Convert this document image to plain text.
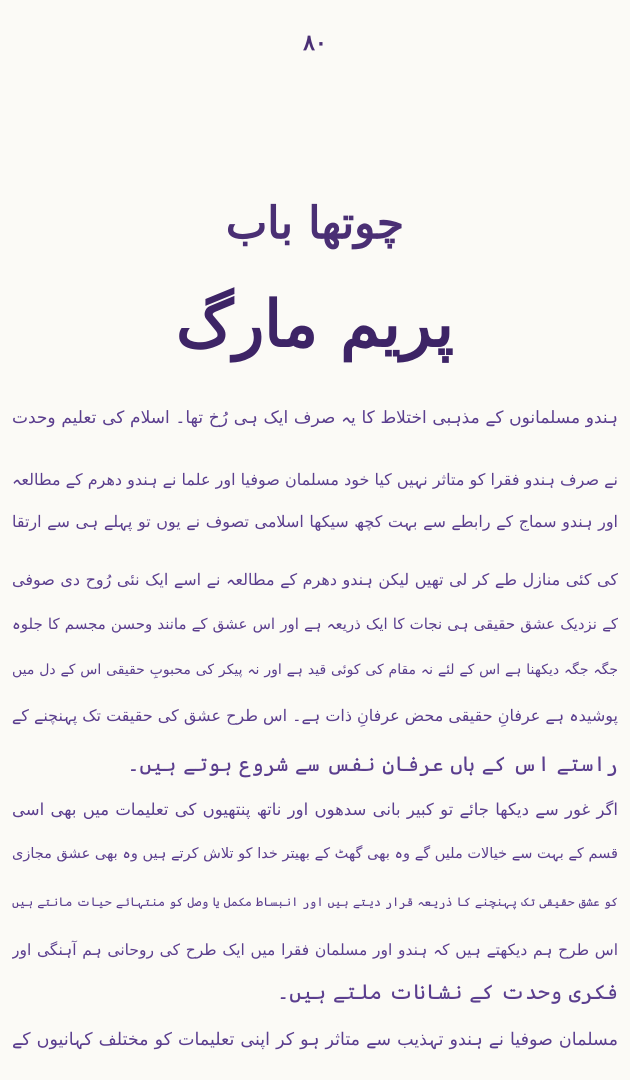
۸۰
چوتھا باب
پریم مارگ
ہندو مسلمانوں کے مذہبی اختلاط کا یہ صرف ایک ہی رُخ تھا۔ اسلام کی تعلیم وحدت
نے صرف ہندو فقرا کو متاثر نہیں کیا خود مسلمان صوفیا اور علما نے ہندو دھرم کے مطالعہ
اور ہندو سماج کے رابطے سے بہت کچھ سیکھا اسلامی تصوف نے یوں تو پہلے ہی سے ارتقا
کی کئی منازل طے کر لی تھیں لیکن ہندو دھرم کے مطالعہ نے اسے ایک نئی رُوح دی صوفی
کے نزدیک عشق حقیقی ہی نجات کا ایک ذریعہ ہے اور اس عشق کے مانند وحسن مجسم کا جلوہ
جگہ جگہ دیکھنا ہے اس کے لئے نہ مقام کی کوئی قید ہے اور نہ پیکر کی محبوبِ حقیقی اس کے دل میں
پوشیدہ ہے عرفانِ حقیقی محض عرفانِ ذات ہے۔ اس طرح عشق کی حقیقت تک پہنچنے کے
راستے اس کے ہاں عرفانِ نفس سے شروع ہوتے ہیں۔
اگر غور سے دیکھا جائے تو کبیر بانی سدھوں اور ناتھ پنتھیوں کی تعلیمات میں بھی اسی
قسم کے بہت سے خیالات ملیں گے وہ بھی گھٹ کے بھیتر خدا کو تلاش کرتے ہیں وہ بھی عشق مجازی
کو عشق حقیقی تک پہنچنے کا ذریعہ قرار دیتے ہیں اور انبساط مکمل یا وصل کو منتہائے حیات مانتے ہیں
اس طرح ہم دیکھتے ہیں کہ ہندو اور مسلمان فقرا میں ایک طرح کی روحانی ہم آہنگی اور
فکری وحدت کے نشانات ملتے ہیں۔
مسلمان صوفیا نے ہندو تہذیب سے متاثر ہو کر اپنی تعلیمات کو مختلف کہانیوں کے
